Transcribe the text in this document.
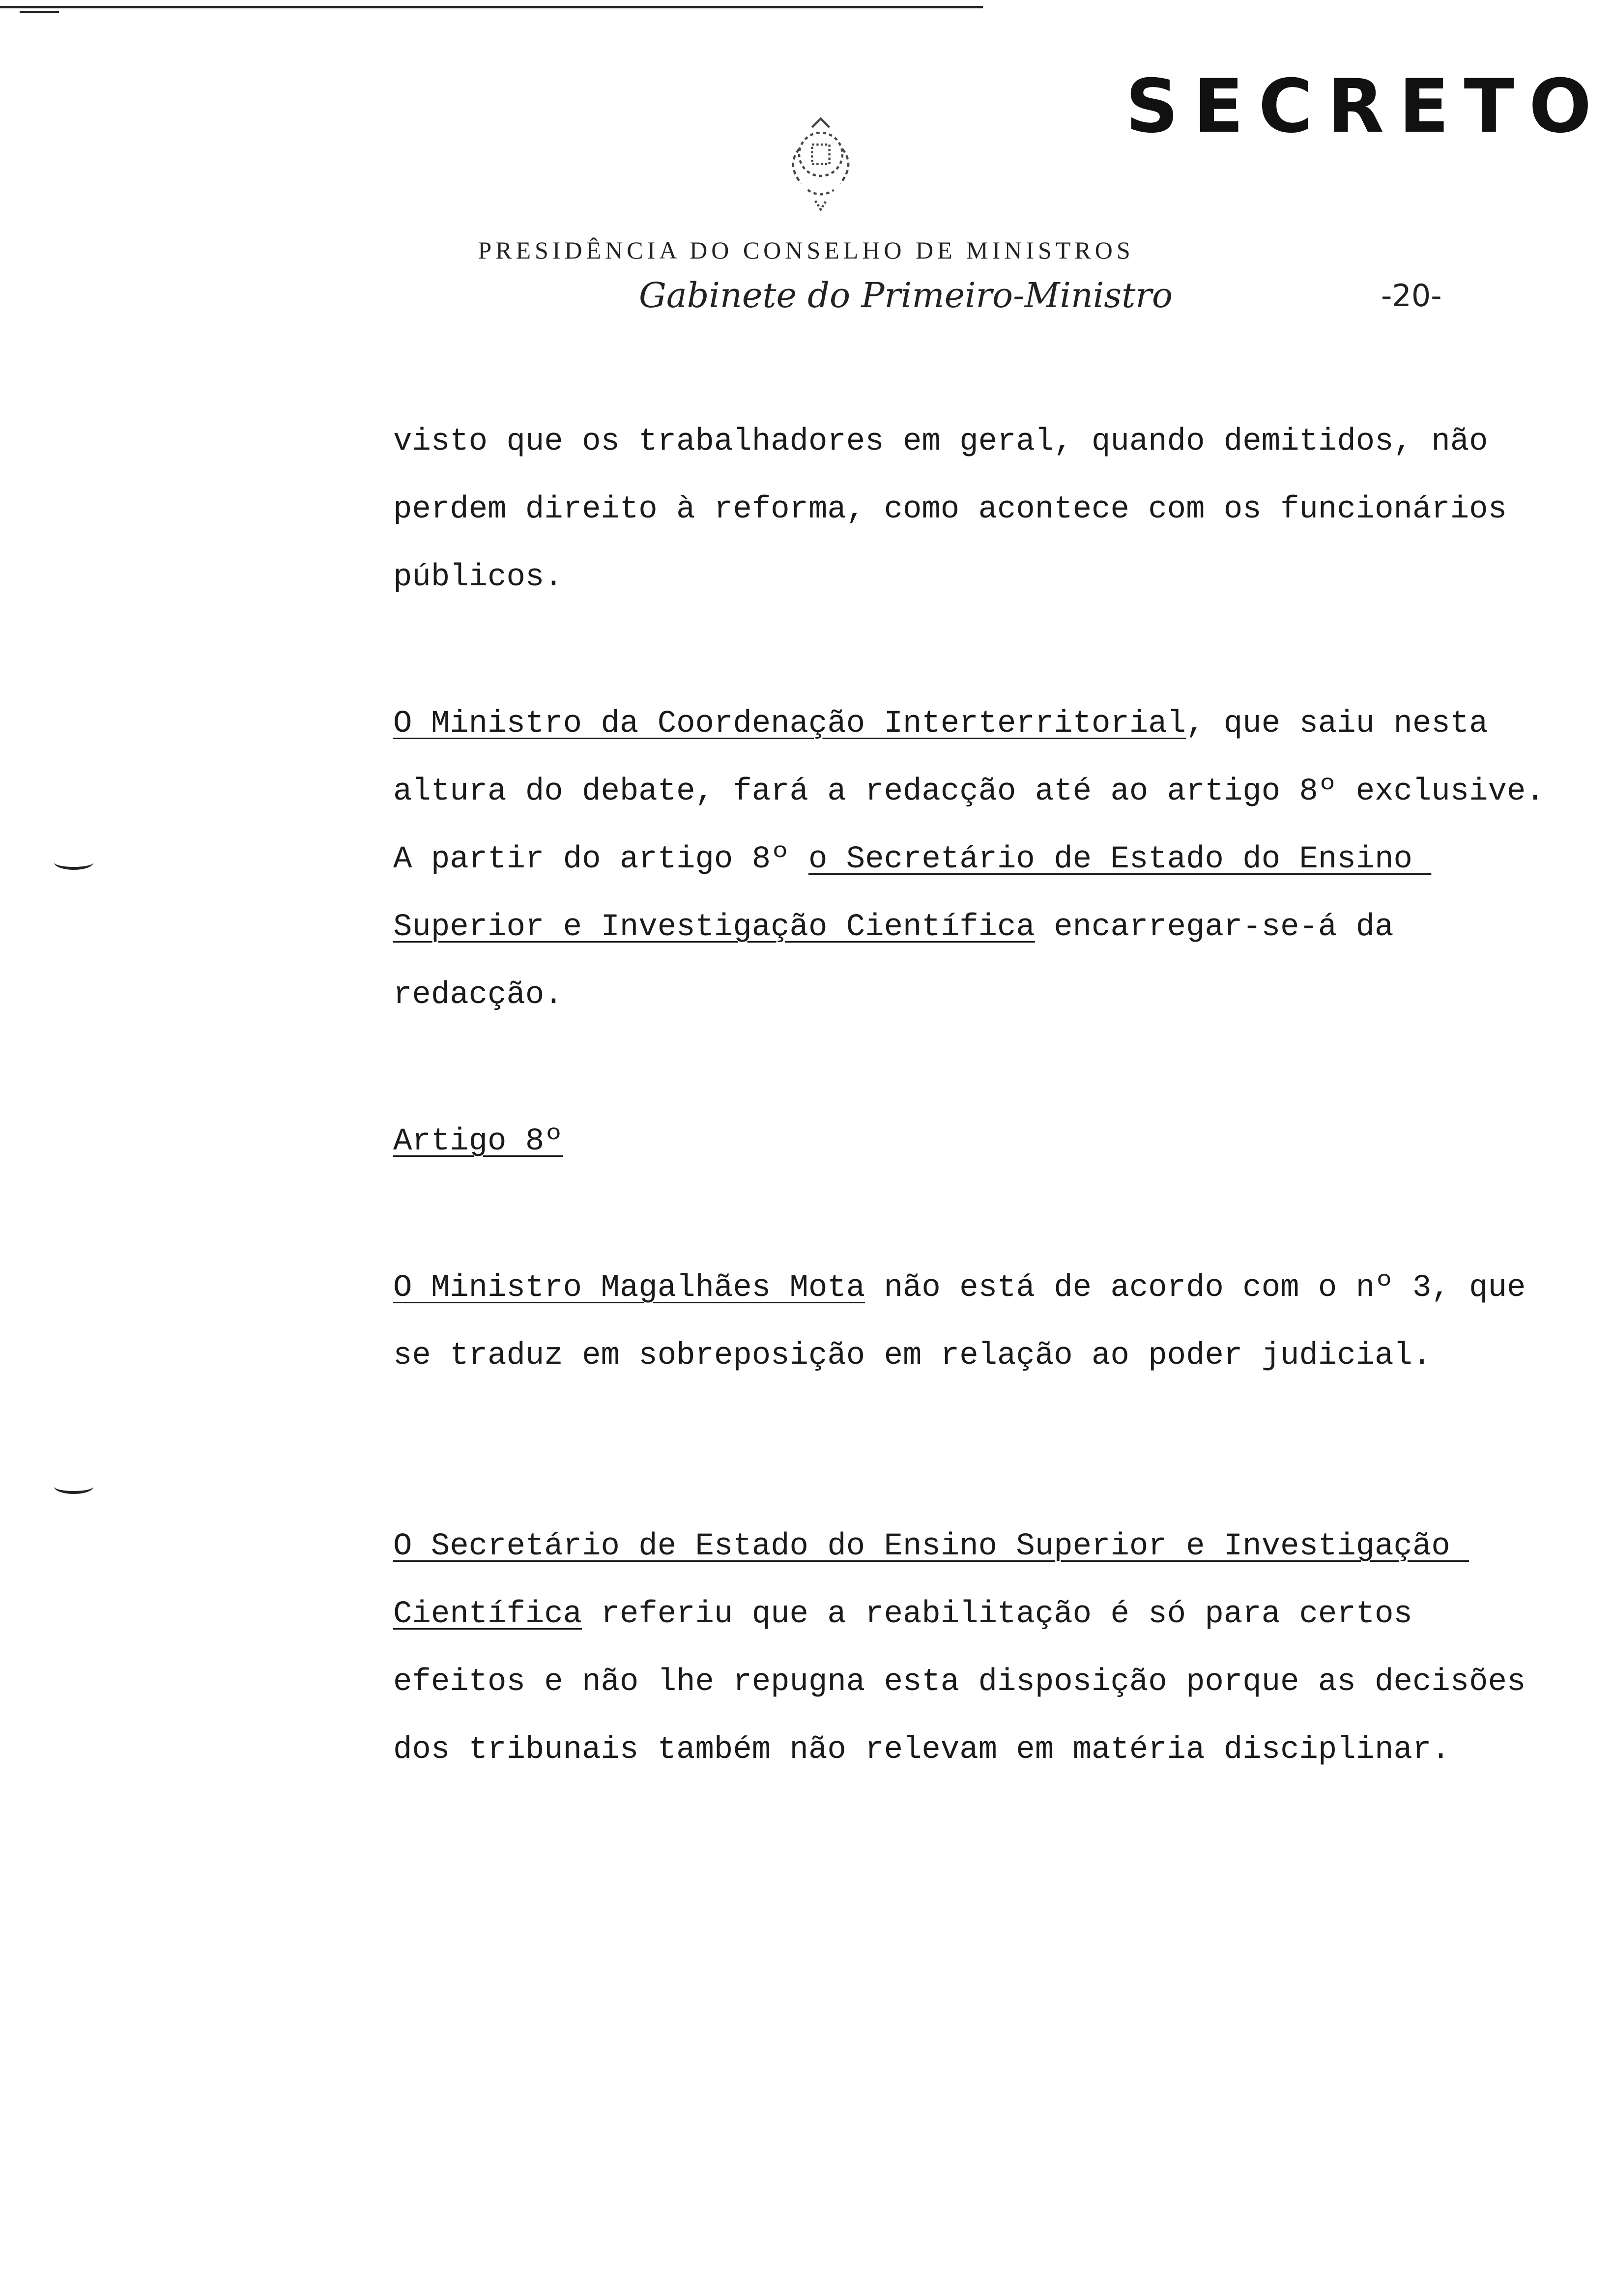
SECRETO
PRESIDÊNCIA DO CONSELHO DE MINISTROS
Gabinete do Primeiro-Ministro	-20-

visto que os trabalhadores em geral, quando demitidos, não perdem direito à reforma, como acontece com os funcionários públicos.

O Ministro da Coordenação Interterritorial, que saiu nesta altura do debate, fará a redacção até ao artigo 8º exclusive.

A partir do artigo 8º o Secretário de Estado do Ensino Superior e Investigação Científica encarregar-se-á da redacção.

Artigo 8º

O Ministro Magalhães Mota não está de acordo com o nº 3, que se traduz em sobreposição em relação ao poder judicial.

O Secretário de Estado do Ensino Superior e Investigação Científica referiu que a reabilitação é só para certos efeitos e não lhe repugna esta disposição porque as decisões dos tribunais também não relevam em matéria disciplinar.
